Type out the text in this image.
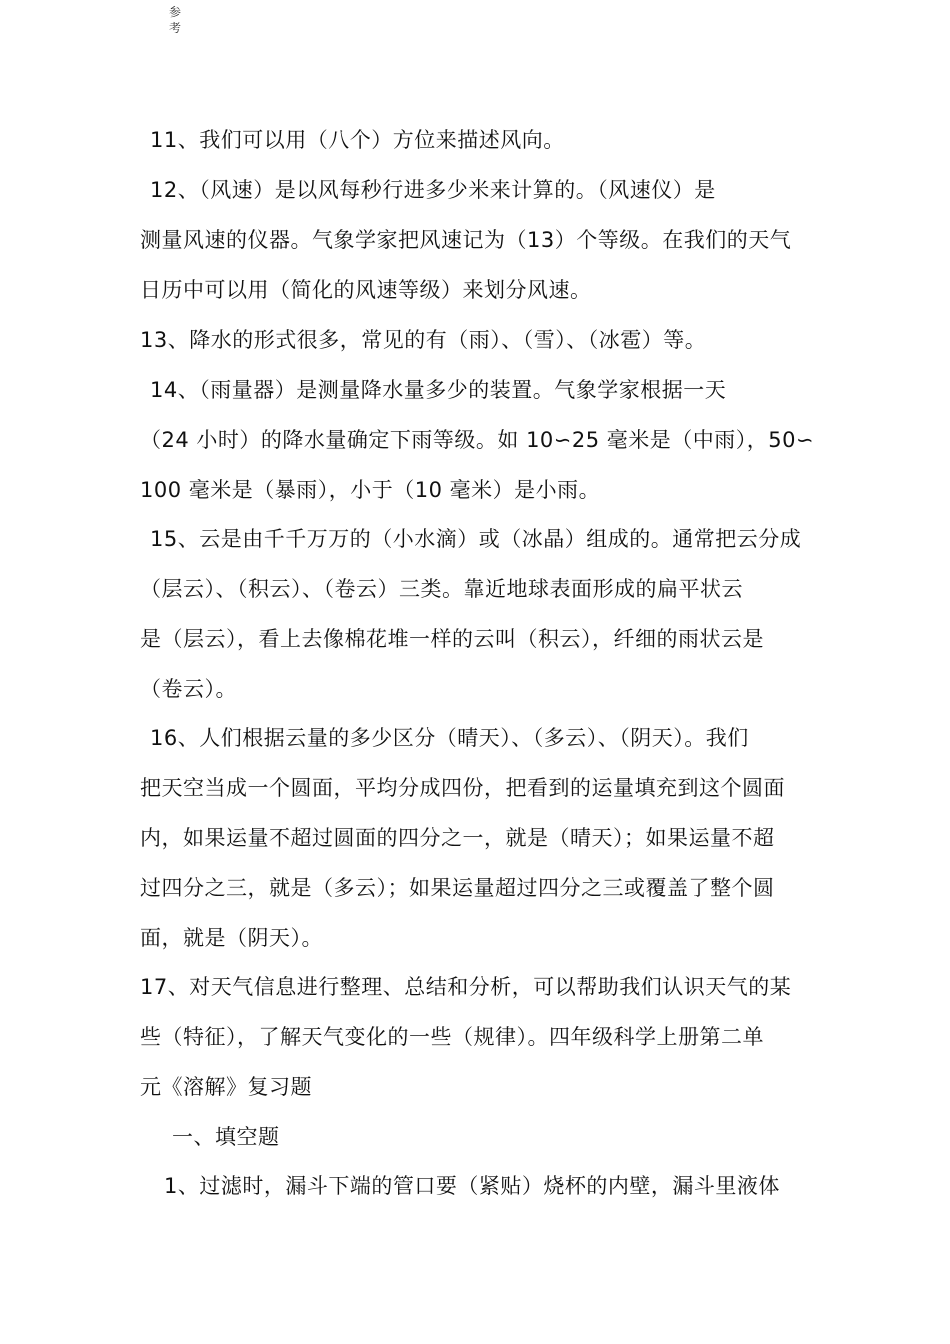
参
考
11、我们可以用（八个）方位来描述风向。
12、（风速）是以风每秒行进多少米来计算的。（风速仪）是
测量风速的仪器。气象学家把风速记为（13）个等级。在我们的天气
日历中可以用（简化的风速等级）来划分风速。
13、降水的形式很多，常见的有（雨）、（雪）、（冰雹）等。
14、（雨量器）是测量降水量多少的装置。气象学家根据一天
（24 小时）的降水量确定下雨等级。如 10∽25 毫米是（中雨），50∽
100 毫米是（暴雨），小于（10 毫米）是小雨。
15、云是由千千万万的（小水滴）或（冰晶）组成的。通常把云分成
（层云）、（积云）、（卷云）三类。靠近地球表面形成的扁平状云
是（层云），看上去像棉花堆一样的云叫（积云），纤细的雨状云是
（卷云）。
16、人们根据云量的多少区分（晴天）、（多云）、（阴天）。我们
把天空当成一个圆面，平均分成四份，把看到的运量填充到这个圆面
内，如果运量不超过圆面的四分之一，就是（晴天）；如果运量不超
过四分之三，就是（多云）；如果运量超过四分之三或覆盖了整个圆
面，就是（阴天）。
17、对天气信息进行整理、总结和分析，可以帮助我们认识天气的某
些（特征），了解天气变化的一些（规律）。四年级科学上册第二单
元《溶解》复习题
一、填空题
1、过滤时，漏斗下端的管口要（紧贴）烧杯的内壁，漏斗里液体
